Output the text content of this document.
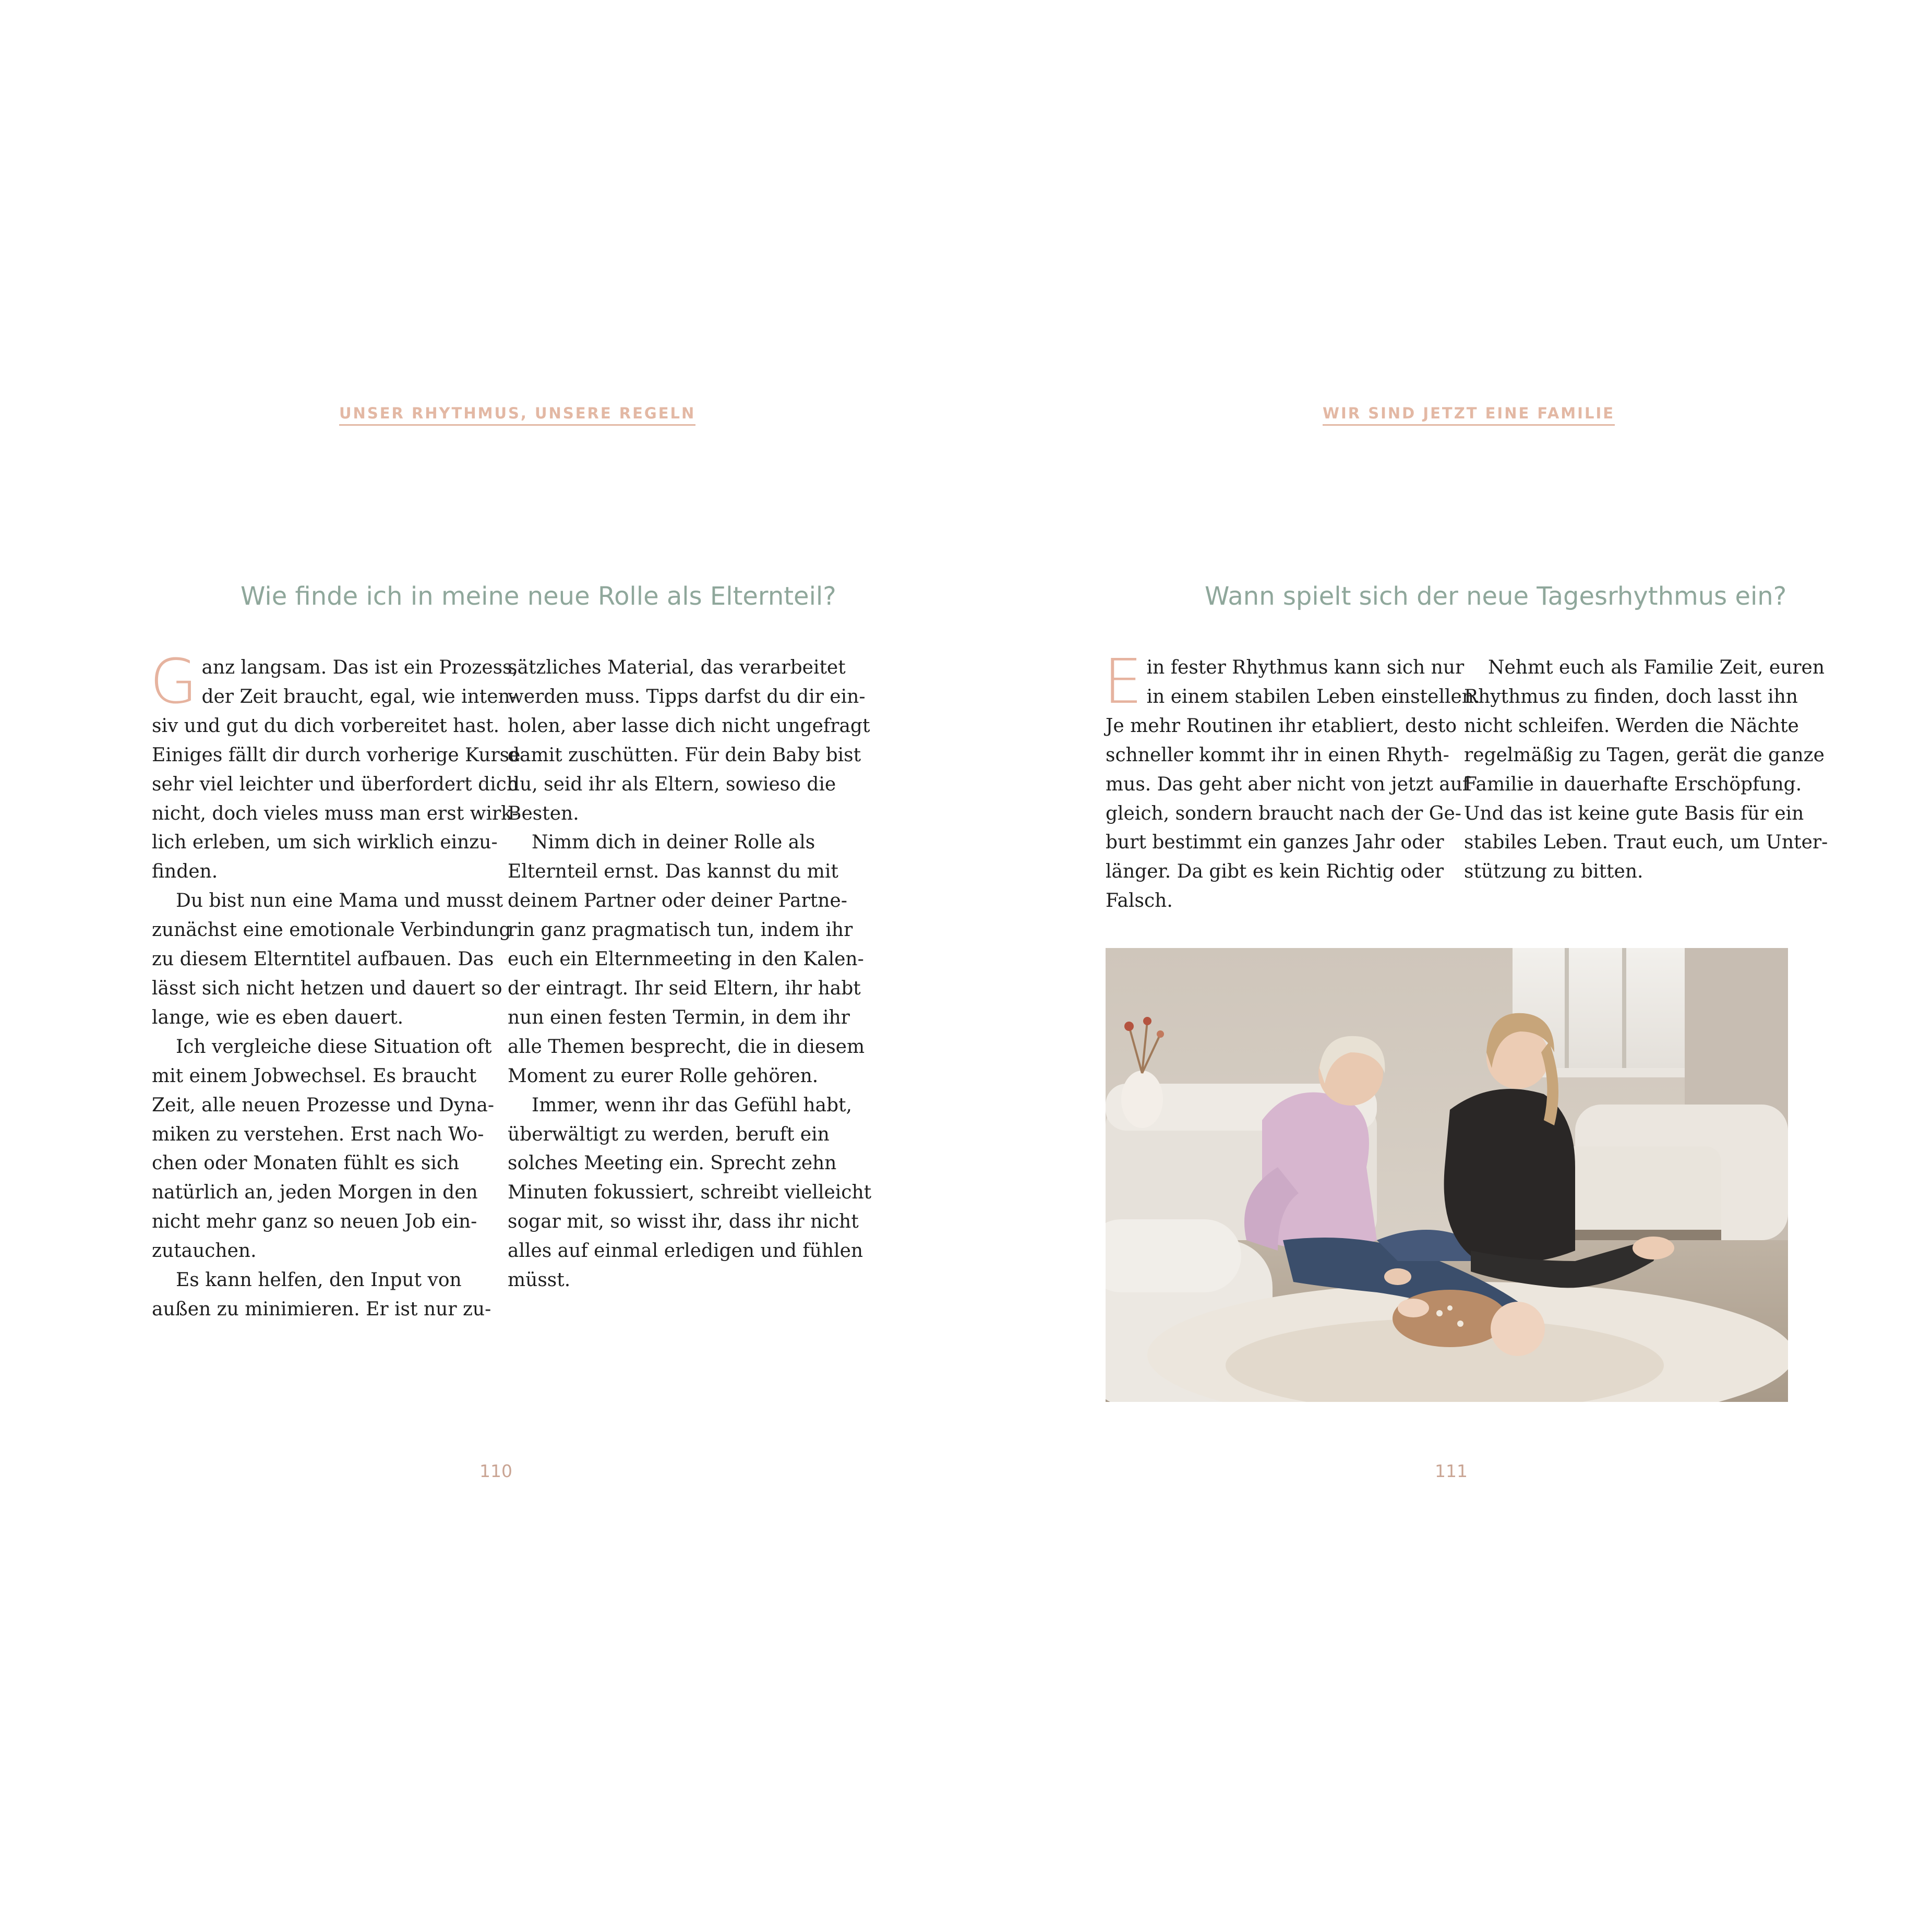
UNSER RHYTHMUS, UNSERE REGELN
Wie finde ich in meine neue Rolle als Elternteil?

G anz langsam. Das ist ein Prozess,
der Zeit braucht, egal, wie inten-
siv und gut du dich vorbereitet hast.
Einiges fällt dir durch vorherige Kurse
sehr viel leichter und überfordert dich
nicht, doch vieles muss man erst wirk-
lich erleben, um sich wirklich einzu-
finden.

Du bist nun eine Mama und musst

zunächst eine emotionale Verbindung
zu diesem Elterntitel aufbauen. Das
lässt sich nicht hetzen und dauert so
lange, wie es eben dauert.

Ich vergleiche diese Situation oft

mit einem Jobwechsel. Es braucht
Zeit, alle neuen Prozesse und Dyna-
miken zu verstehen. Erst nach Wo-
chen oder Monaten fühlt es sich
natürlich an, jeden Morgen in den
nicht mehr ganz so neuen Job ein-
zutauchen.

Es kann helfen, den Input von

außen zu minimieren. Er ist nur zu-

sätzliches Material, das verarbeitet
werden muss. Tipps darfst du dir ein-
holen, aber lasse dich nicht ungefragt
damit zuschütten. Für dein Baby bist
du, seid ihr als Eltern, sowieso die
Besten.

Nimm dich in deiner Rolle als

Elternteil ernst. Das kannst du mit
deinem Partner oder deiner Partne-
rin ganz pragmatisch tun, indem ihr
euch ein Elternmeeting in den Kalen-
der eintragt. Ihr seid Eltern, ihr habt
nun einen festen Termin, in dem ihr
alle Themen besprecht, die in diesem
Moment zu eurer Rolle gehören.

Immer, wenn ihr das Gefühl habt,

überwältigt zu werden, beruft ein
solches Meeting ein. Sprecht zehn
Minuten fokussiert, schreibt vielleicht
sogar mit, so wisst ihr, dass ihr nicht
alles auf einmal erledigen und fühlen
müsst.

110
WIR SIND JETZT EINE FAMILIE
Wann spielt sich der neue Tagesrhythmus ein?

E in fester Rhythmus kann sich nur
in einem stabilen Leben einstellen.
Je mehr Routinen ihr etabliert, desto
schneller kommt ihr in einen Rhyth-
mus. Das geht aber nicht von jetzt auf
gleich, sondern braucht nach der Ge-
burt bestimmt ein ganzes Jahr oder
länger. Da gibt es kein Richtig oder
Falsch.

Nehmt euch als Familie Zeit, euren

Rhythmus zu finden, doch lasst ihn
nicht schleifen. Werden die Nächte
regelmäßig zu Tagen, gerät die ganze
Familie in dauerhafte Erschöpfung.
Und das ist keine gute Basis für ein
stabiles Leben. Traut euch, um Unter-
stützung zu bitten.

111
